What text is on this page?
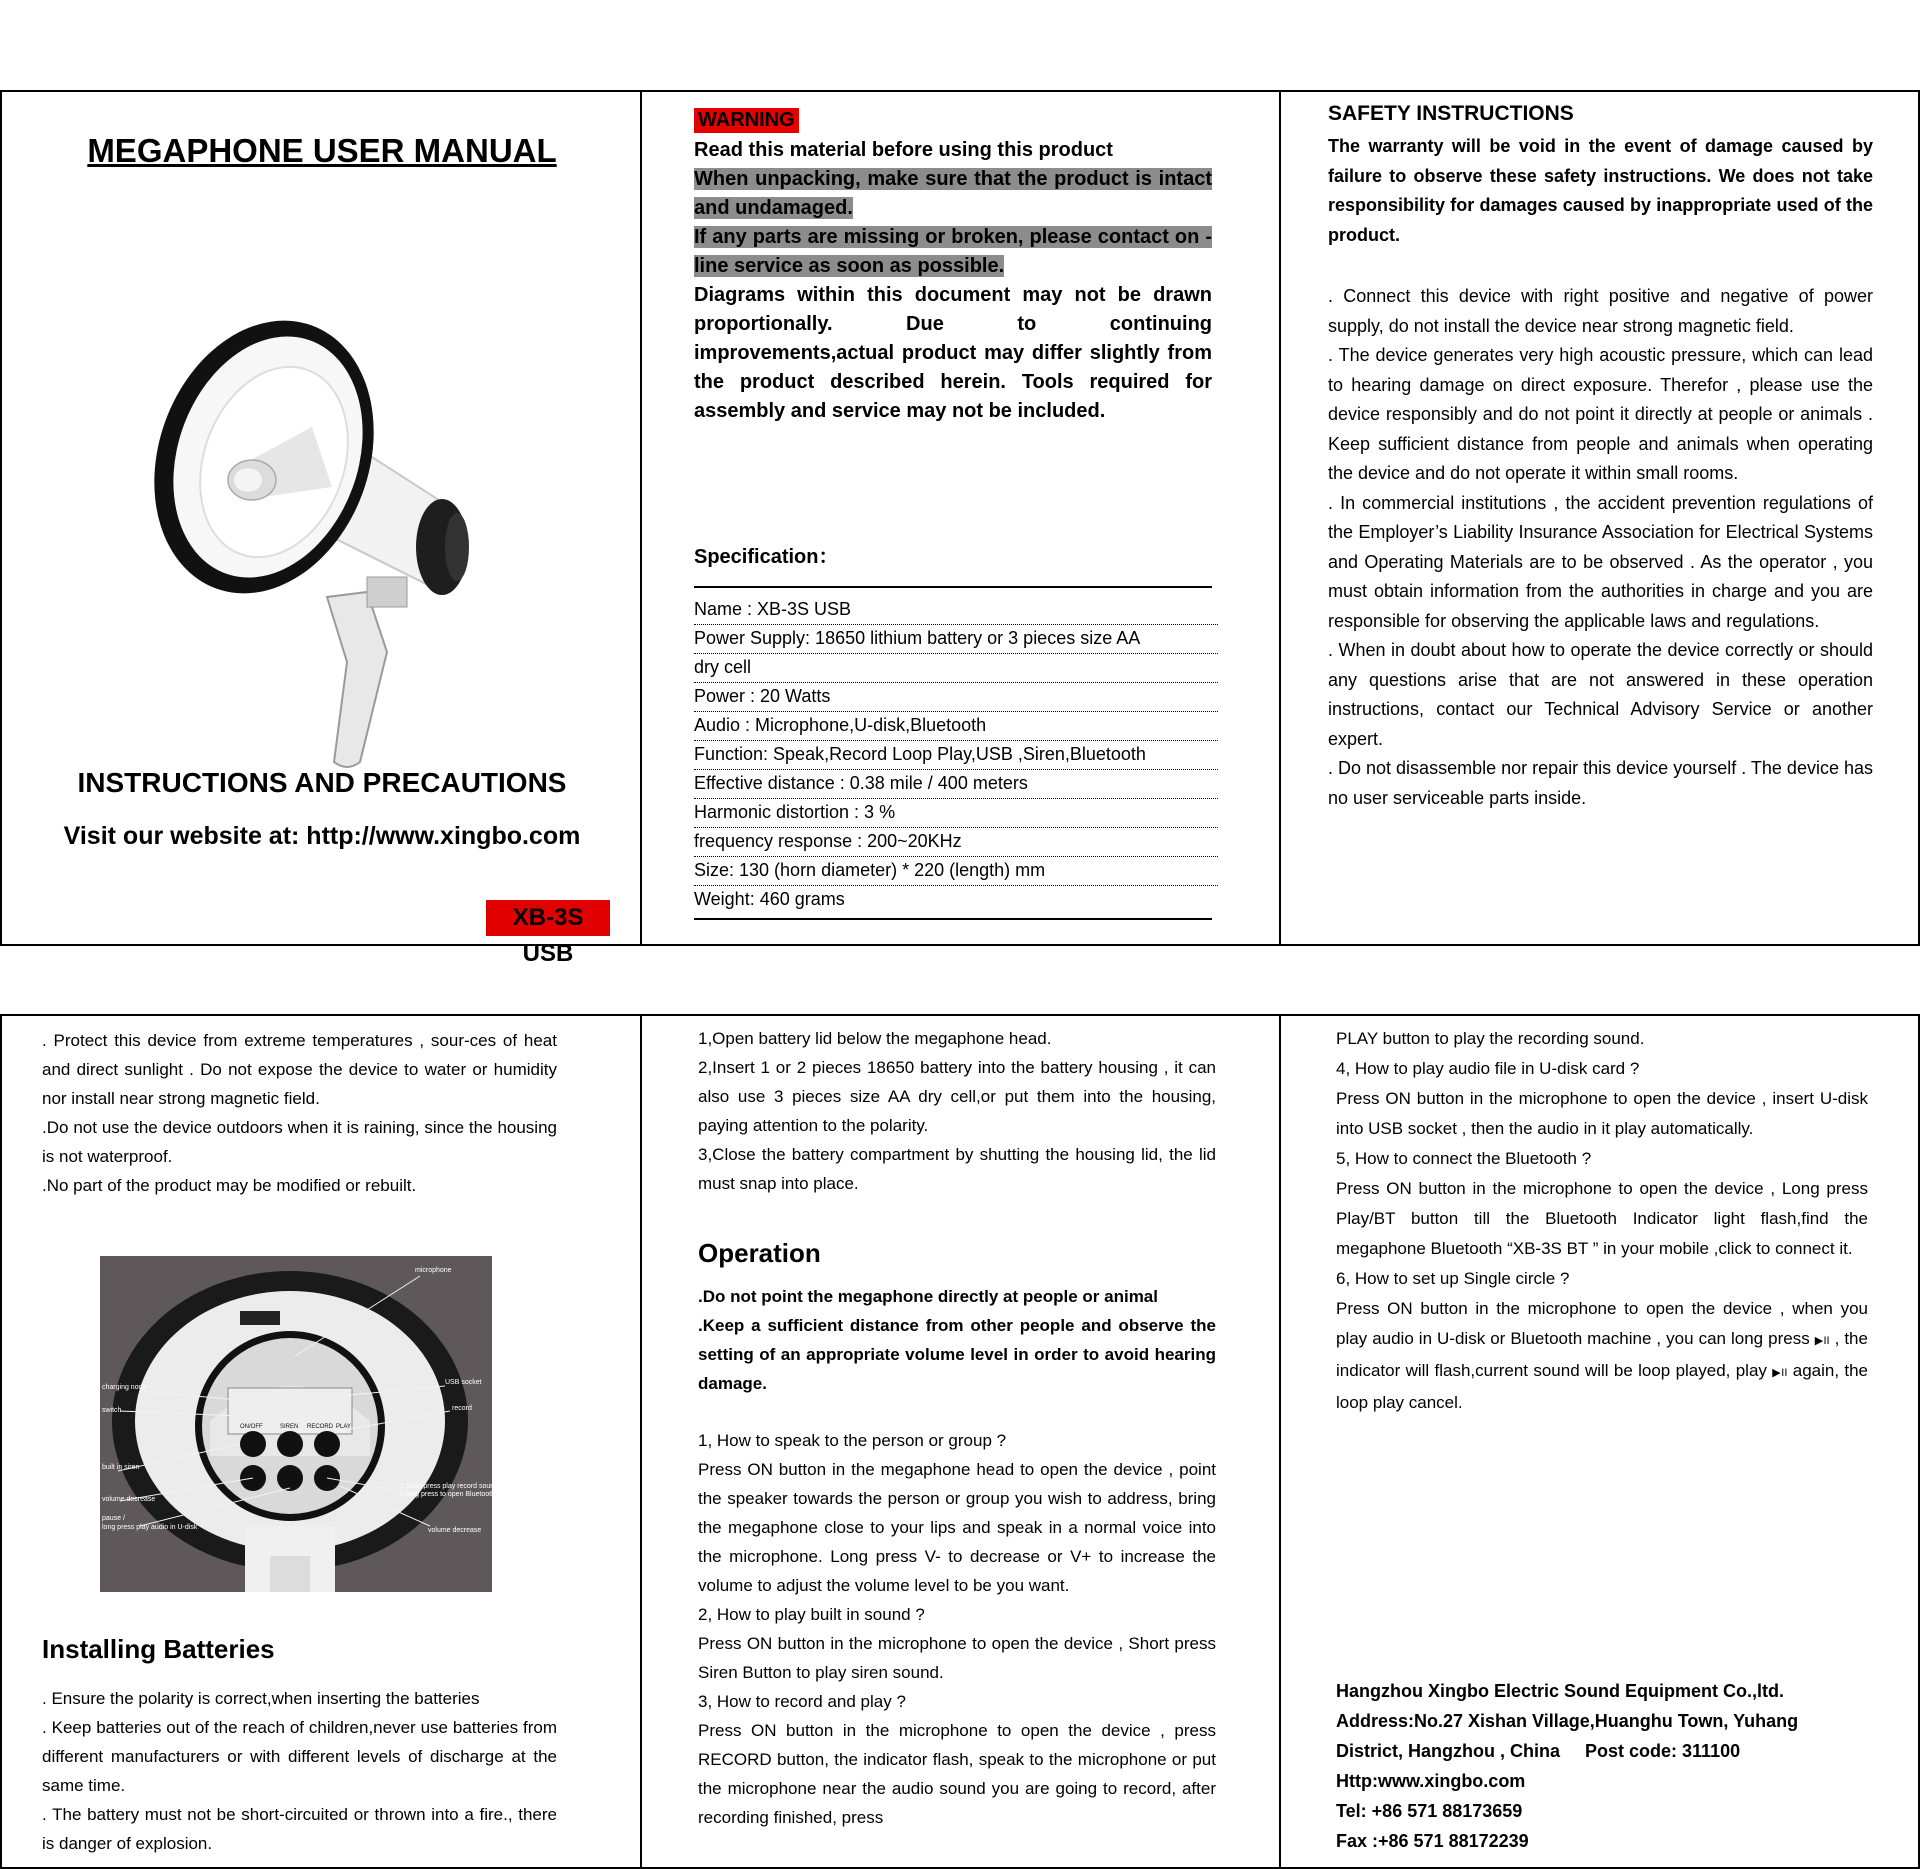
MEGAPHONE USER MANUAL
INSTRUCTIONS AND PRECAUTIONS
Visit our website at: http://www.xingbo.com
XB-3S USB
WARNING
Read this material before using this product
When unpacking, make sure that the product is intact and undamaged.
If any parts are missing or broken, please contact on -line service as soon as possible.
Diagrams within this document may not be drawn proportionally. Due to continuing improvements,actual product may differ slightly from the product described herein. Tools required for assembly and service may not be included.
Specification：
Name : XB-3S USB
Power Supply: 18650 lithium battery or 3 pieces size AA
dry cell
Power : 20 Watts
Audio : Microphone,U-disk,Bluetooth
Function: Speak,Record Loop Play,USB ,Siren,Bluetooth
Effective distance : 0.38 mile / 400 meters
Harmonic distortion : 3 %
frequency response : 200~20KHz
Size: 130 (horn diameter) * 220 (length) mm
Weight: 460 grams
SAFETY INSTRUCTIONS
The warranty will be void in the event of damage caused by failure to observe these safety instructions. We does not take responsibility for damages caused by inappropriate used of the product.

. Connect this device with right positive and negative of power supply, do not install the device near strong magnetic field.

. The device generates very high acoustic pressure, which can lead to hearing damage on direct exposure. Therefor , please use the device responsibly and do not point it directly at people or animals . Keep sufficient distance from people and animals when operating the device and do not operate it within small rooms.

. In commercial institutions , the accident prevention regulations of the Employer’s Liability Insurance Association for Electrical Systems and Operating Materials are to be observed . As the operator , you must obtain information from the authorities in charge and you are responsible for observing the applicable laws and regulations.

. When in doubt about how to operate the device correctly or should any questions arise that are not answered in these operation instructions, contact our Technical Advisory Service or another expert.

. Do not disassemble nor repair this device yourself . The device has no user serviceable parts inside.

. Protect this device from extreme temperatures , sour-ces of heat and direct sunlight . Do not expose the device to water or humidity nor install near strong magnetic field.

.Do not use the device outdoors when it is raining, since the housing is not waterproof.

.No part of the product may be modified or rebuilt.

microphone
USB socket
charging node
switch	record
built in siren
volume decrease
pause /
long press play audio in U-disk
1.short press play record sound
2.long press to open Bluetooth
volume decrease
ON/OFF	SIREN RECORD PLAY
Installing Batteries

. Ensure the polarity is correct,when inserting the batteries

. Keep batteries out of the reach of children,never use batteries from different manufacturers or with different levels of discharge at the same time.

. The battery must not be short-circuited or thrown into a fire., there is danger of explosion.

1,Open battery lid below the megaphone head.

2,Insert 1 or 2 pieces 18650 battery into the battery housing , it can also use 3 pieces size AA dry cell,or put them into the housing, paying attention to the polarity.

3,Close the battery compartment by shutting the housing lid, the lid must snap into place.

Operation

.Do not point the megaphone directly at people or animal

.Keep a sufficient distance from other people and observe the setting of an appropriate volume level in order to avoid hearing damage.

1, How to speak to the person or group ?

Press ON button in the megaphone head to open the device , point the speaker towards the person or group you wish to address, bring the megaphone close to your lips and speak in a normal voice into the microphone. Long press V- to decrease or V+ to increase the volume to adjust the volume level to be you want.

2, How to play built in sound ?

Press ON button in the microphone to open the device , Short press Siren Button to play siren sound.

3, How to record and play ?

Press ON button in the microphone to open the device , press RECORD button, the indicator flash, speak to the microphone or put the microphone near the audio sound you are going to record, after recording finished, press

PLAY button to play the recording sound.

4, How to play audio file in U-disk card ?

Press ON button in the microphone to open the device , insert U-disk into USB socket , then the audio in it play automatically.

5, How to connect the Bluetooth ?

Press ON button in the microphone to open the device , Long press Play/BT button till the Bluetooth Indicator light flash,find the megaphone Bluetooth “XB-3S BT ” in your mobile ,click to connect it.

6, How to set up Single circle ?

Press ON button in the microphone to open the device , when you play audio in U-disk or Bluetooth machine , you can long press ▶II , the indicator will flash,current sound will be loop played, play ▶II again, the loop play cancel.

Hangzhou Xingbo Electric Sound Equipment Co.,ltd.

Address:No.27 Xishan Village,Huanghu Town, Yuhang

District, Hangzhou , China     Post code: 311100

Http:www.xingbo.com

Tel: +86 571 88173659

Fax :+86 571 88172239
